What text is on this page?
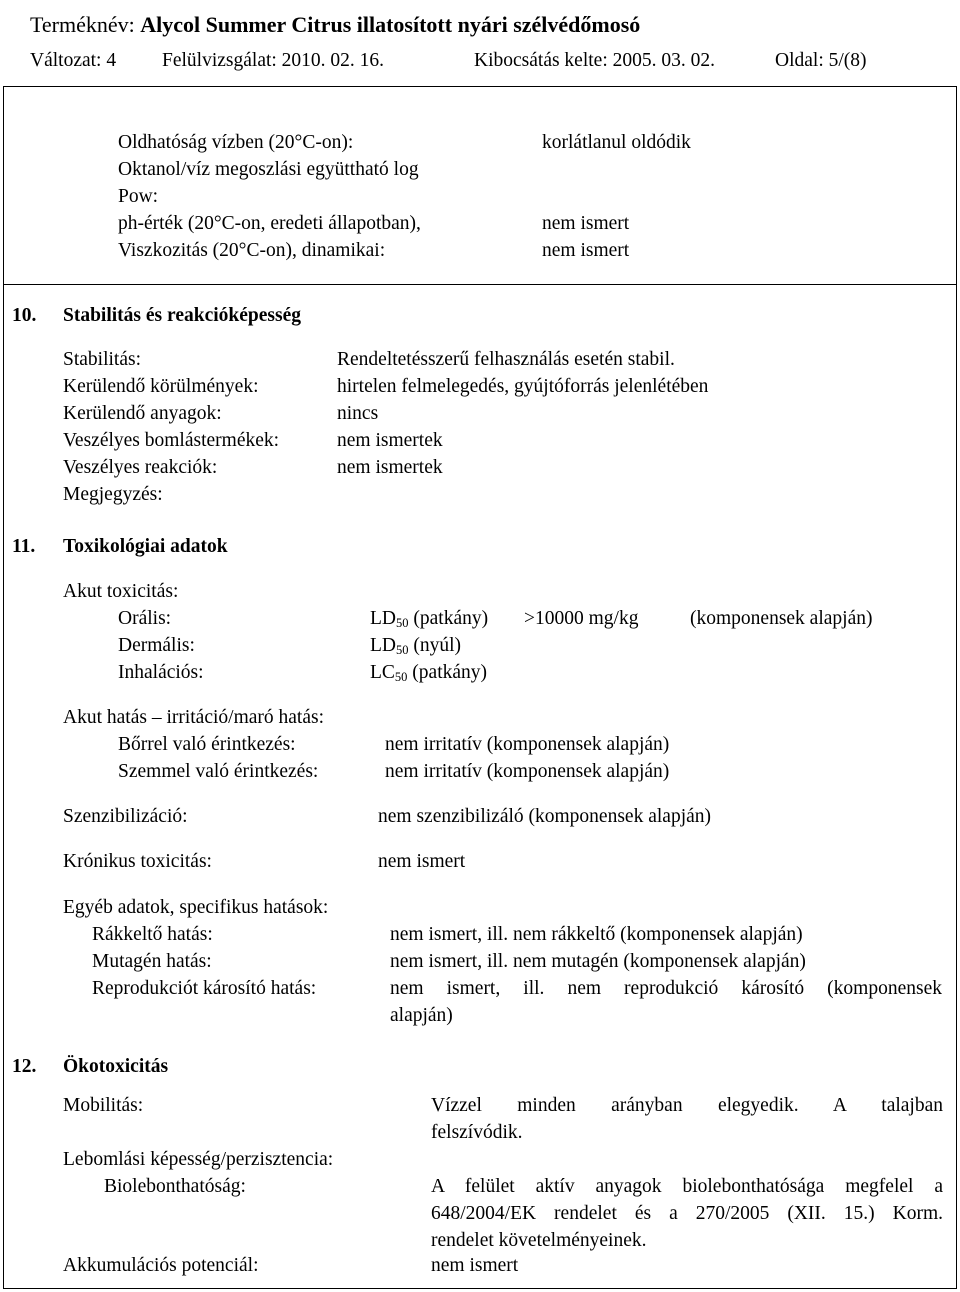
Terméknév: Alycol Summer Citrus illatosított nyári szélvédőmosó
Változat: 4 Felülvizsgálat: 2010. 02. 16.	Kibocsátás kelte: 2005. 03. 02.	Oldal: 5/(8)
Oldhatóság vízben (20°C-on):	korlátlanul oldódik
Oktanol/víz megoszlási együttható log
Pow:
ph-érték (20°C-on, eredeti állapotban),	nem ismert
Viszkozitás (20°C-on), dinamikai:	nem ismert
10. Stabilitás és reakcióképesség
Stabilitás:	Rendeltetésszerű felhasználás esetén stabil.
Kerülendő körülmények:	hirtelen felmelegedés, gyújtóforrás jelenlétében
Kerülendő anyagok:	nincs
Veszélyes bomlástermékek:	nem ismertek
Veszélyes reakciók:	nem ismertek
Megjegyzés:
11. Toxikológiai adatok
Akut toxicitás:
Orális:	$LD_{50}$ (patkány) >10000 mg/kg	(komponensek alapján)
Dermális:	$LD_{50}$ (nyúl)
Inhalációs:	$LC_{50}$ (patkány)
Akut hatás – irritáció/maró hatás:
Bőrrel való érintkezés:	nem irritatív (komponensek alapján)
Szemmel való érintkezés:	nem irritatív (komponensek alapján)
Szenzibilizáció:	nem szenzibilizáló (komponensek alapján)
Krónikus toxicitás:	nem ismert
Egyéb adatok, specifikus hatások:
Rákkeltő hatás:	nem ismert, ill. nem rákkeltő (komponensek alapján)
Mutagén hatás:	nem ismert, ill. nem mutagén (komponensek alapján)
Reprodukciót károsító hatás:	nem ismert, ill. nem reprodukció károsító (komponensek
alapján)
12. Ökotoxicitás
Mobilitás:	Vízzel minden arányban elegyedik. A talajban
felszívódik.
Lebomlási képesség/perzisztencia:
Biolebonthatóság:	A felület aktív anyagok biolebonthatósága megfelel a
648/2004/EK rendelet és a 270/2005 (XII. 15.) Korm.
rendelet követelményeinek.
Akkumulációs potenciál:	nem ismert
